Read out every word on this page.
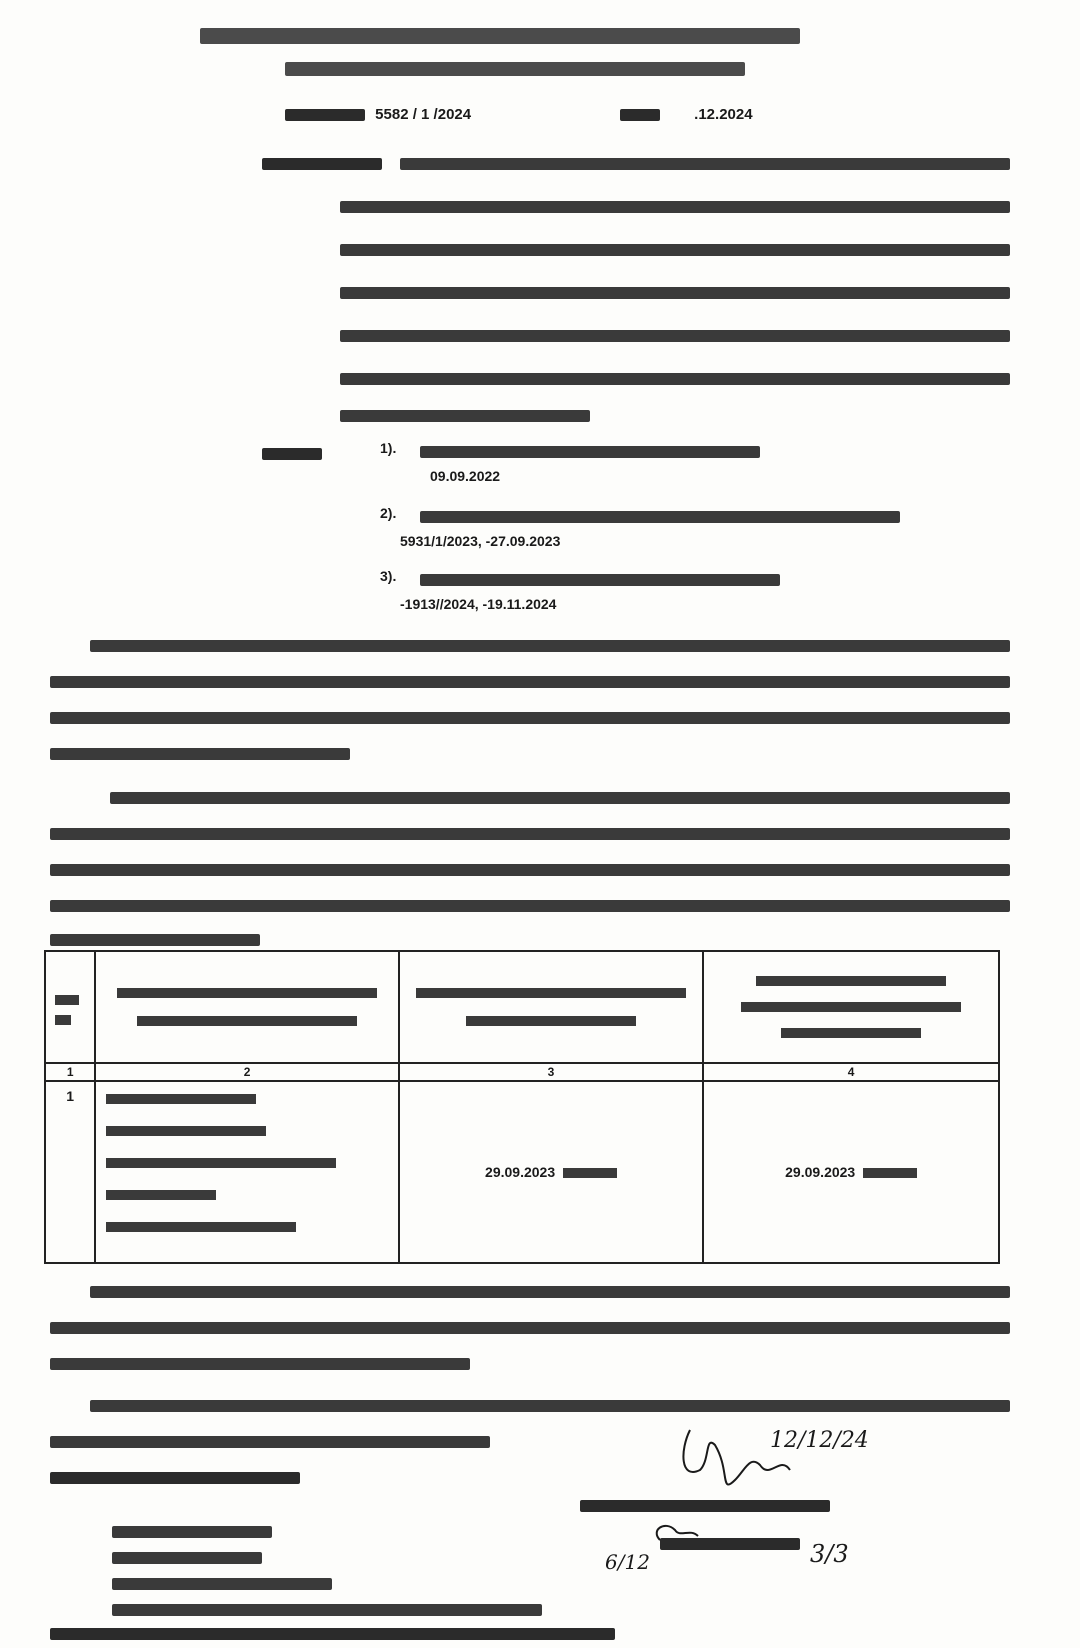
5582 / 1 /2024	.12.2024
1).
09.09.2022
2).
5931/1/2023, -27.09.2023
3).
-1913//2024, -19.11.2024

1	2	3	4
1		29.09.2023	29.09.2023
12/12/24
6/12	3/3
